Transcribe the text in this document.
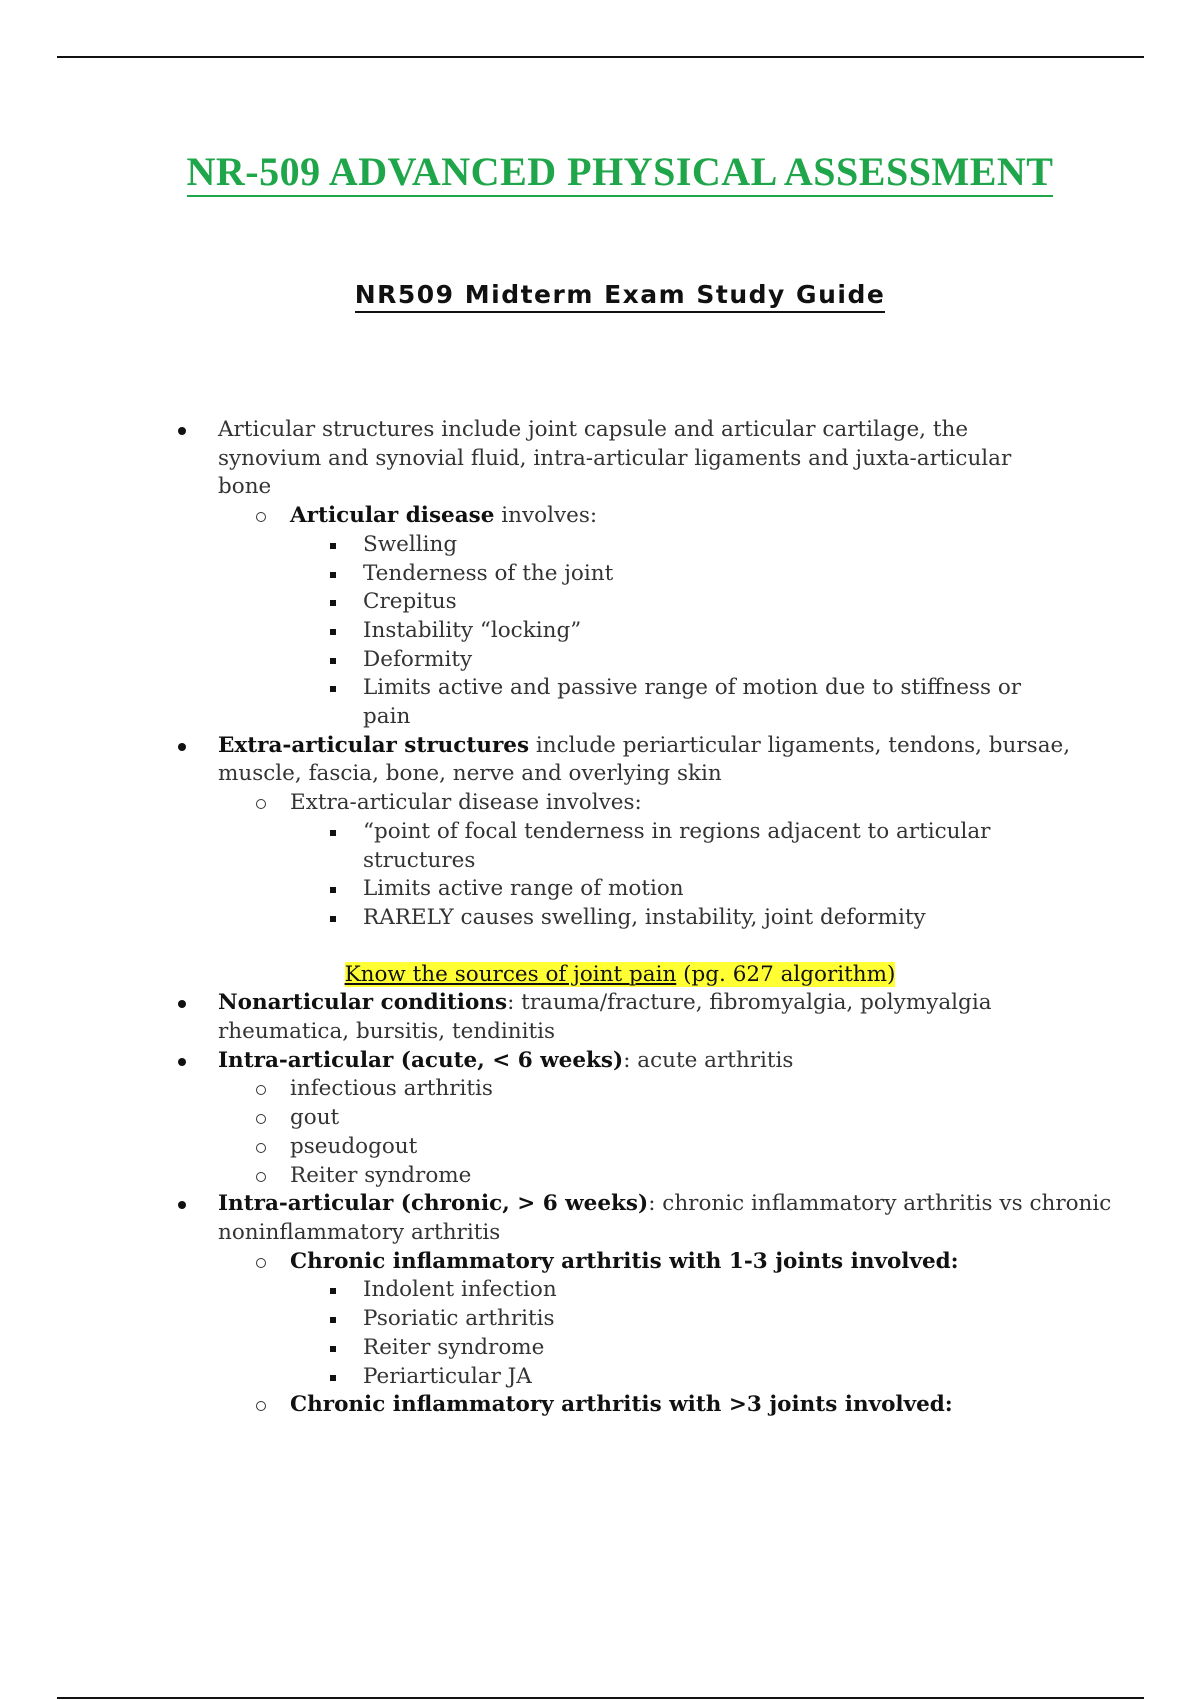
NR-509 ADVANCED PHYSICAL ASSESSMENT
NR509 Midterm Exam Study Guide
Articular structures include joint capsule and articular cartilage, the
synovium and synovial fluid, intra-articular ligaments and juxta-articular
bone
Articular disease involves:
Swelling
Tenderness of the joint
Crepitus
Instability “locking”
Deformity
Limits active and passive range of motion due to stiffness or
pain
Extra-articular structures include periarticular ligaments, tendons, bursae,
muscle, fascia, bone, nerve and overlying skin
Extra-articular disease involves:
“point of focal tenderness in regions adjacent to articular
structures
Limits active range of motion
RARELY causes swelling, instability, joint deformity
Know the sources of joint pain (pg. 627 algorithm)
Nonarticular conditions: trauma/fracture, fibromyalgia, polymyalgia
rheumatica, bursitis, tendinitis
Intra-articular (acute, < 6 weeks): acute arthritis
infectious arthritis
gout
pseudogout
Reiter syndrome
Intra-articular (chronic, > 6 weeks): chronic inflammatory arthritis vs chronic
noninflammatory arthritis
Chronic inflammatory arthritis with 1-3 joints involved:
Indolent infection
Psoriatic arthritis
Reiter syndrome
Periarticular JA
Chronic inflammatory arthritis with >3 joints involved:
